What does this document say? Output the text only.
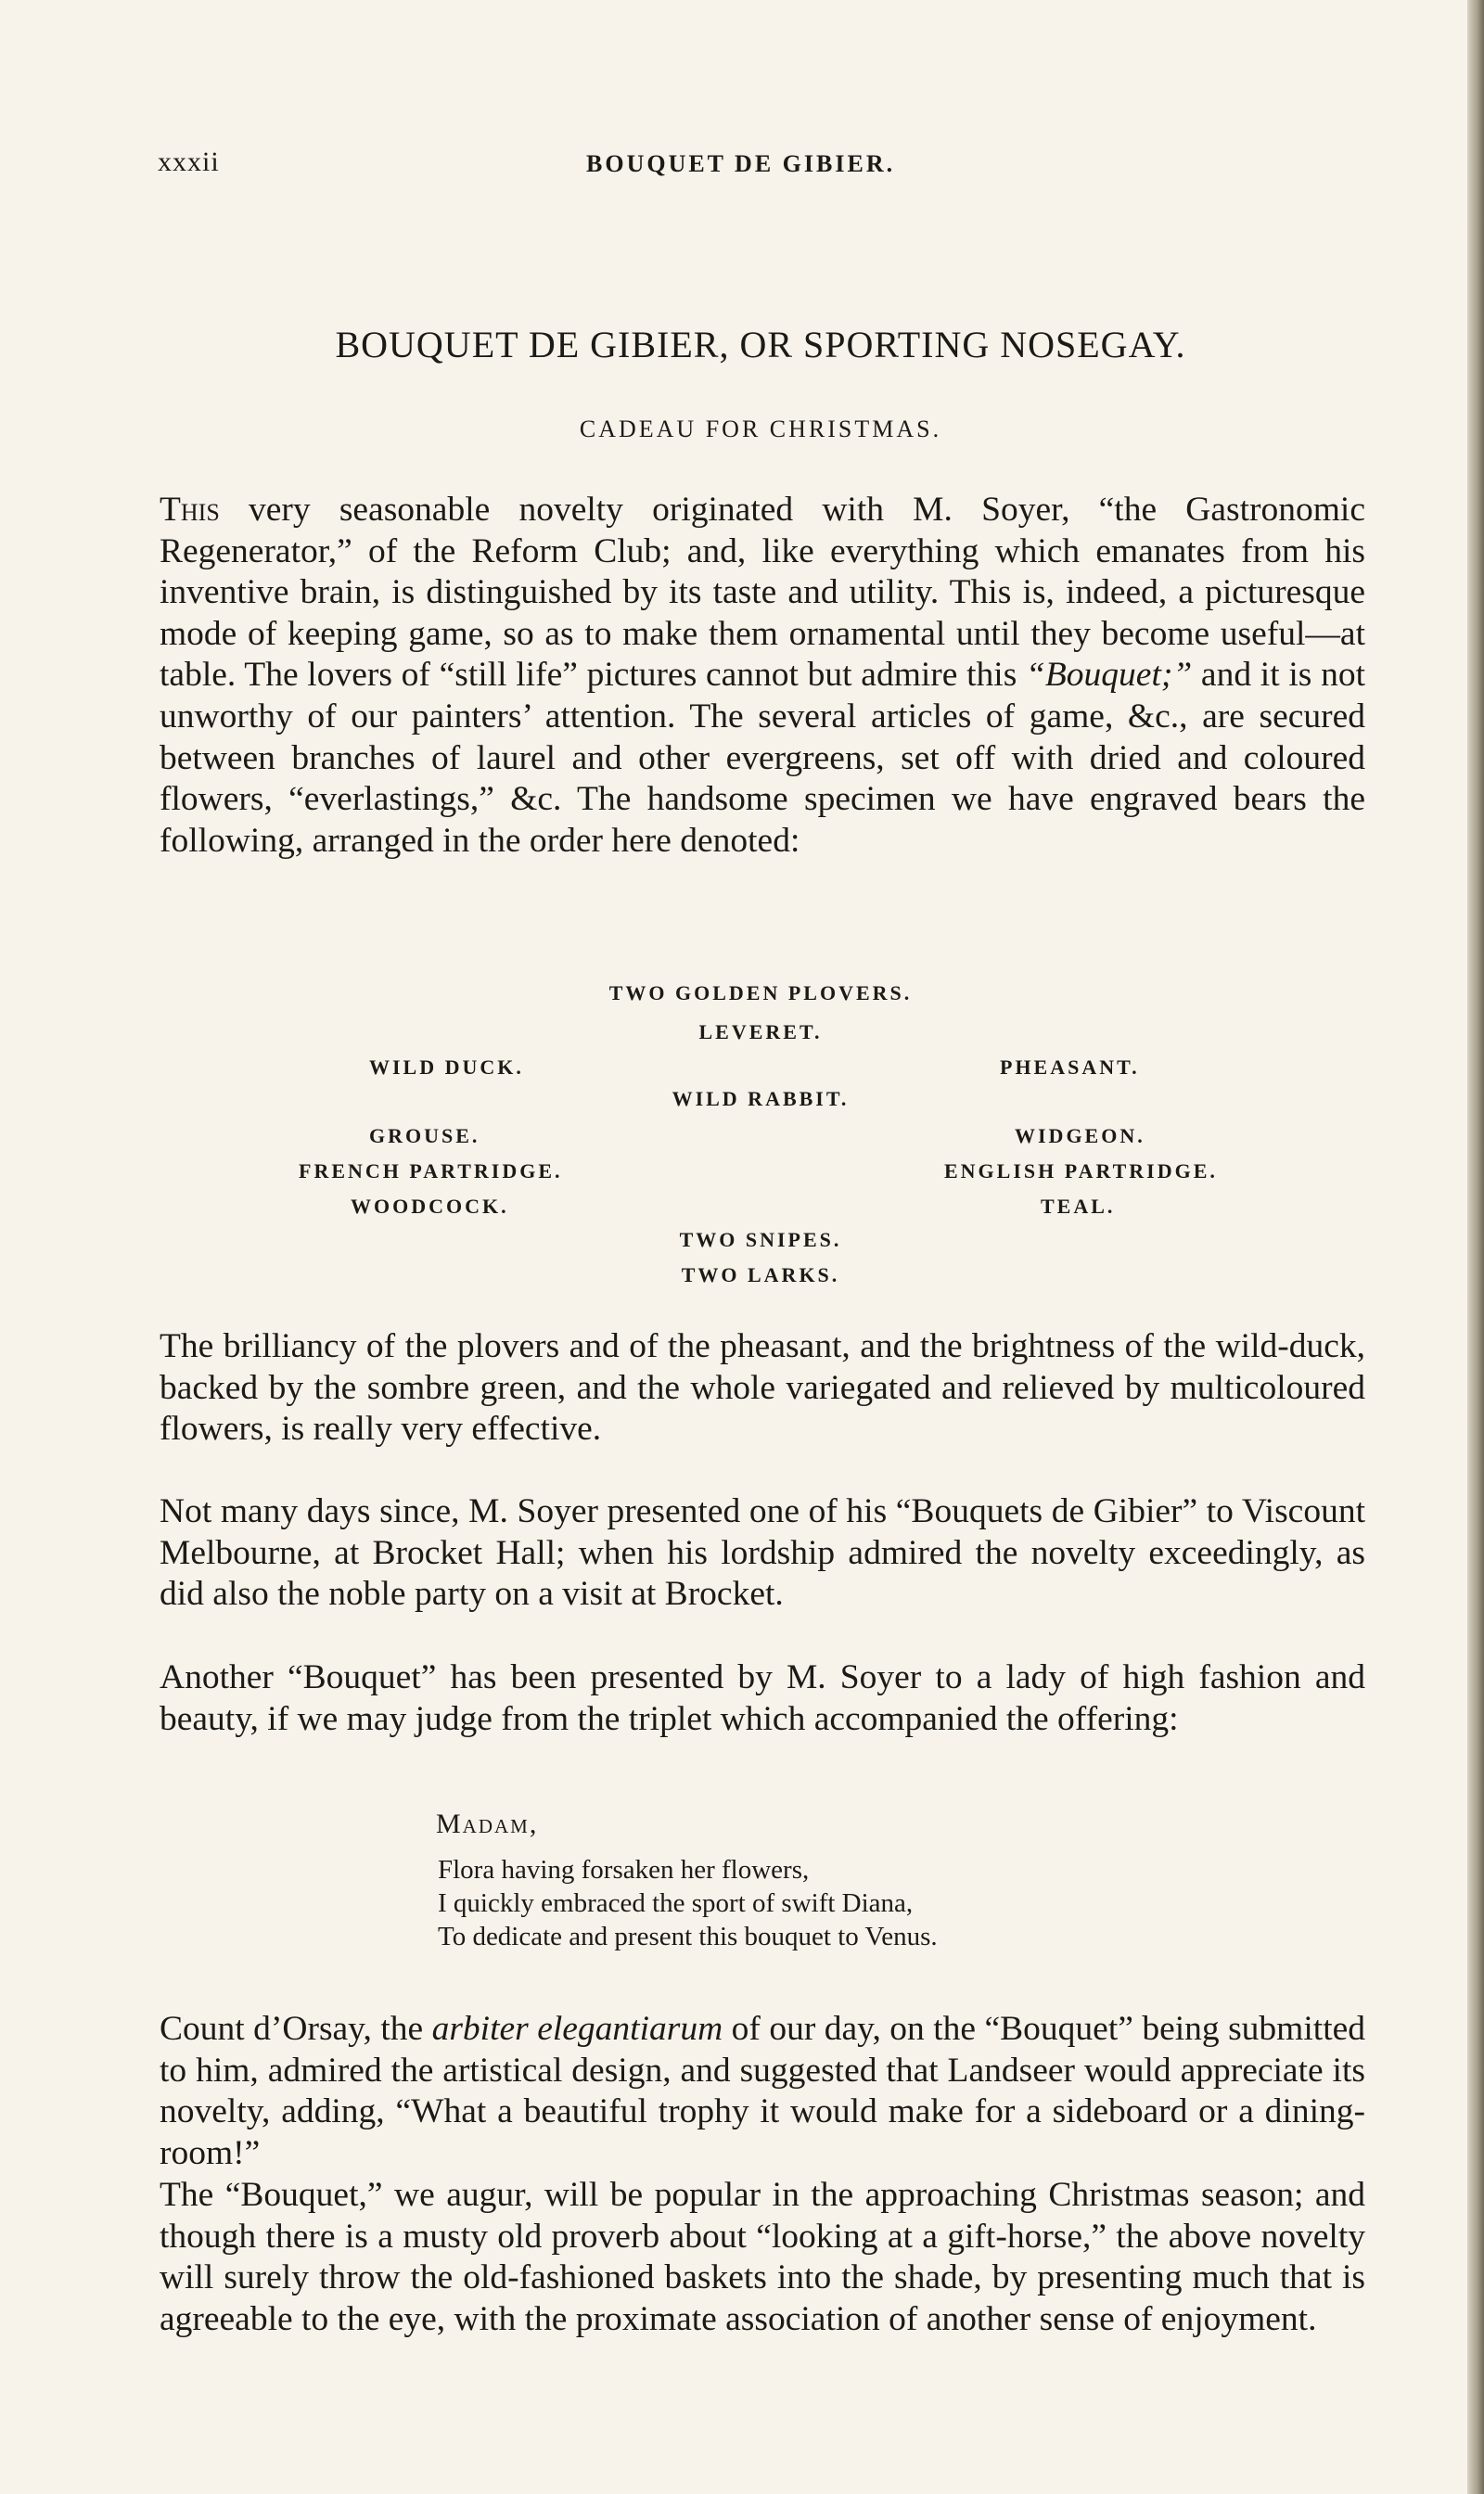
xxxii	BOUQUET DE GIBIER.
BOUQUET DE GIBIER, OR SPORTING NOSEGAY.
CADEAU FOR CHRISTMAS.

This very seasonable novelty originated with M. Soyer, “the Gastronomic Regenerator,” of the Reform Club; and, like everything which emanates from his inventive brain, is distinguished by its taste and utility. This is, indeed, a picturesque mode of keeping game, so as to make them ornamental until they become useful—at table. The lovers of “still life” pictures cannot but admire this “Bouquet;” and it is not unworthy of our painters’ attention. The several articles of game, &c., are secured between branches of laurel and other evergreens, set off with dried and coloured flowers, “everlastings,” &c. The handsome specimen we have engraved bears the following, arranged in the order here denoted:

TWO GOLDEN PLOVERS.
LEVERET.
WILD DUCK.	PHEASANT.
WILD RABBIT.
GROUSE.	WIDGEON.
FRENCH PARTRIDGE.	ENGLISH PARTRIDGE.
WOODCOCK.	TEAL.
TWO SNIPES.
TWO LARKS.

The brilliancy of the plovers and of the pheasant, and the brightness of the wild-duck, backed by the sombre green, and the whole variegated and relieved by multicoloured flowers, is really very effective.

Not many days since, M. Soyer presented one of his “Bouquets de Gibier” to Viscount Melbourne, at Brocket Hall; when his lordship admired the novelty exceedingly, as did also the noble party on a visit at Brocket.

Another “Bouquet” has been presented by M. Soyer to a lady of high fashion and beauty, if we may judge from the triplet which accompanied the offering:

Madam,
Flora having forsaken her flowers,
I quickly embraced the sport of swift Diana,
To dedicate and present this bouquet to Venus.

Count d’Orsay, the arbiter elegantiarum of our day, on the “Bouquet” being submitted to him, admired the artistical design, and suggested that Landseer would appreciate its novelty, adding, “What a beautiful trophy it would make for a sideboard or a dining-room!”

The “Bouquet,” we augur, will be popular in the approaching Christmas season; and though there is a musty old proverb about “looking at a gift-horse,” the above novelty will surely throw the old-fashioned baskets into the shade, by presenting much that is agreeable to the eye, with the proximate association of another sense of enjoyment.
